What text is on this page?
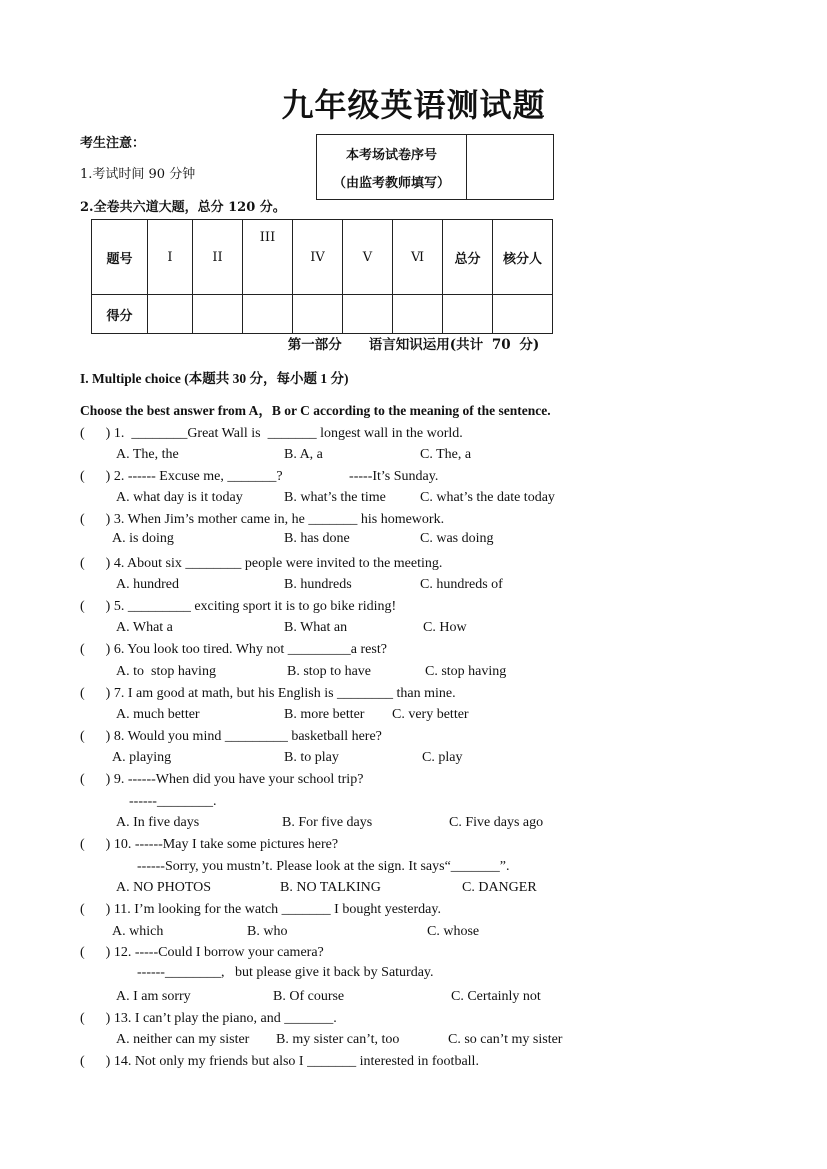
九年级英语测试题
考生注意：
1.考试时间 90 分钟
2.全卷共六道大题，总分 120 分。
本考场试卷序号
（由监考教师填写）
题号	I	II	III	IV	V	Ⅵ	总分	核分人
得分								
第一部分　　语言知识运用(共计 70 分)
I. Multiple choice (本题共 30 分，每小题 1 分)
Choose the best answer from A，B or C according to the meaning of the sentence.
(      ) 1.  ________Great Wall is  _______ longest wall in the world.
A. The, the	B. A, a	C. The, a
(      ) 2. ------ Excuse me, _______?                   -----It’s Sunday.
A. what day is it today	B. what’s the time C. what’s the date today
(      ) 3. When Jim’s mother came in, he _______ his homework.
A. is doing	B. has done	C. was doing
(      ) 4. About six ________ people were invited to the meeting.
A. hundred	B. hundreds	C. hundreds of
(      ) 5. _________ exciting sport it is to go bike riding!
A. What a	B. What an	C. How
(      ) 6. You look too tired. Why not _________a rest?
A. to  stop having	B. stop to have	C. stop having
(      ) 7. I am good at math, but his English is ________ than mine.
A. much better	B. more better C. very better
(      ) 8. Would you mind _________ basketball here?
A. playing	B. to play	C. play
(      ) 9. ------When did you have your school trip?
------________.
A. In five days	B. For five days	C. Five days ago
(      ) 10. ------May I take some pictures here?
------Sorry, you mustn’t. Please look at the sign. It says“_______”.
A. NO PHOTOS	B. NO TALKING	C. DANGER
(      ) 11. I’m looking for the watch _______ I bought yesterday.
A. which	B. who	C. whose
(      ) 12. -----Could I borrow your camera?
------________,   but please give it back by Saturday.
A. I am sorry	B. Of course	C. Certainly not
(      ) 13. I can’t play the piano, and _______.
A. neither can my sister B. my sister can’t, too	C. so can’t my sister
(      ) 14. Not only my friends but also I _______ interested in football.
